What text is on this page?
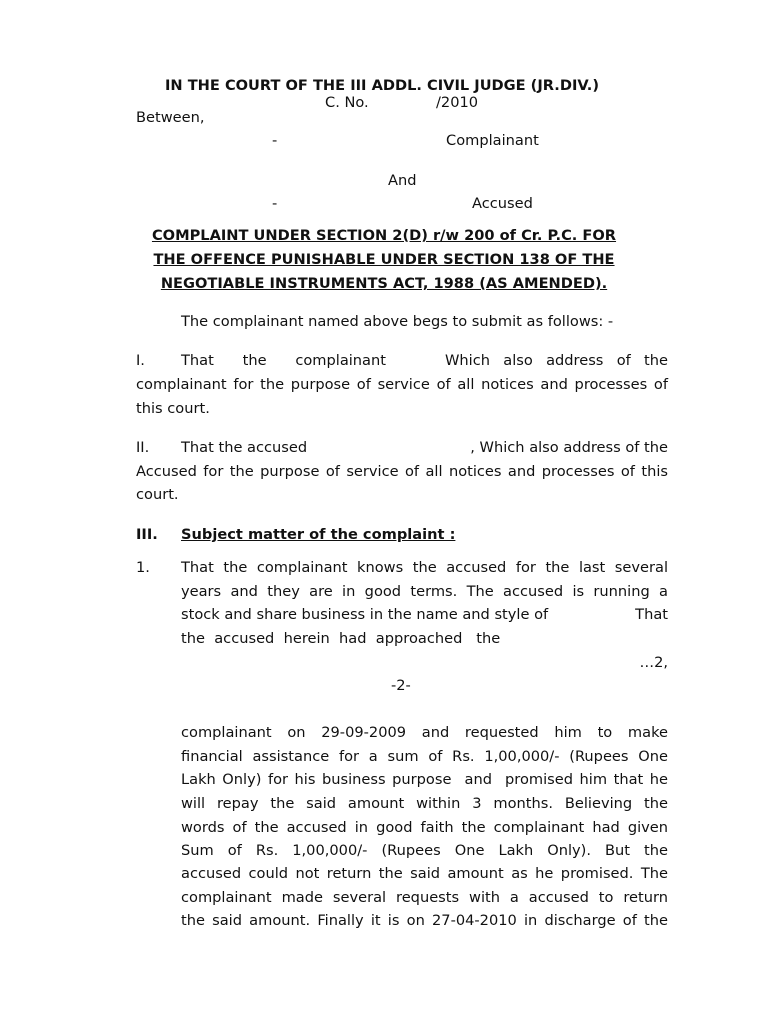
IN THE COURT OF THE III ADDL. CIVIL JUDGE (JR.DIV.)
C. No.	/2010
Between,
-	Complainant
And
-	Accused
COMPLAINT UNDER SECTION 2(D) r/w 200 of Cr. P.C. FOR
THE OFFENCE PUNISHABLE UNDER SECTION 138 OF THE
NEGOTIABLE INSTRUMENTS ACT, 1988 (AS AMENDED).
The complainant named above begs to submit as follows: -
I. That the complainant	Which also address of the
complainant for the purpose of service of all notices and processes of
this court.
II. That the accused	, Which also address of the
Accused for the purpose of service of all notices and processes of this
court.
III. Subject matter of the complaint :
1. That the complainant knows the accused for the last several
years and they are in good terms. The accused is running a
stock and share business in the name and style of	That
the  accused  herein  had  approached   the
…2,
-2-
complainant on 29-09-2009 and requested him to make
financial assistance for a sum of Rs. 1,00,000/- (Rupees One
Lakh Only) for his business purpose  and  promised him that he
will repay the said amount within 3 months. Believing the
words of the accused in good faith the complainant had given
Sum of Rs. 1,00,000/- (Rupees One Lakh Only). But the
accused could not return the said amount as he promised. The
complainant made several requests with a accused to return
the said amount. Finally it is on 27-04-2010 in discharge of the
